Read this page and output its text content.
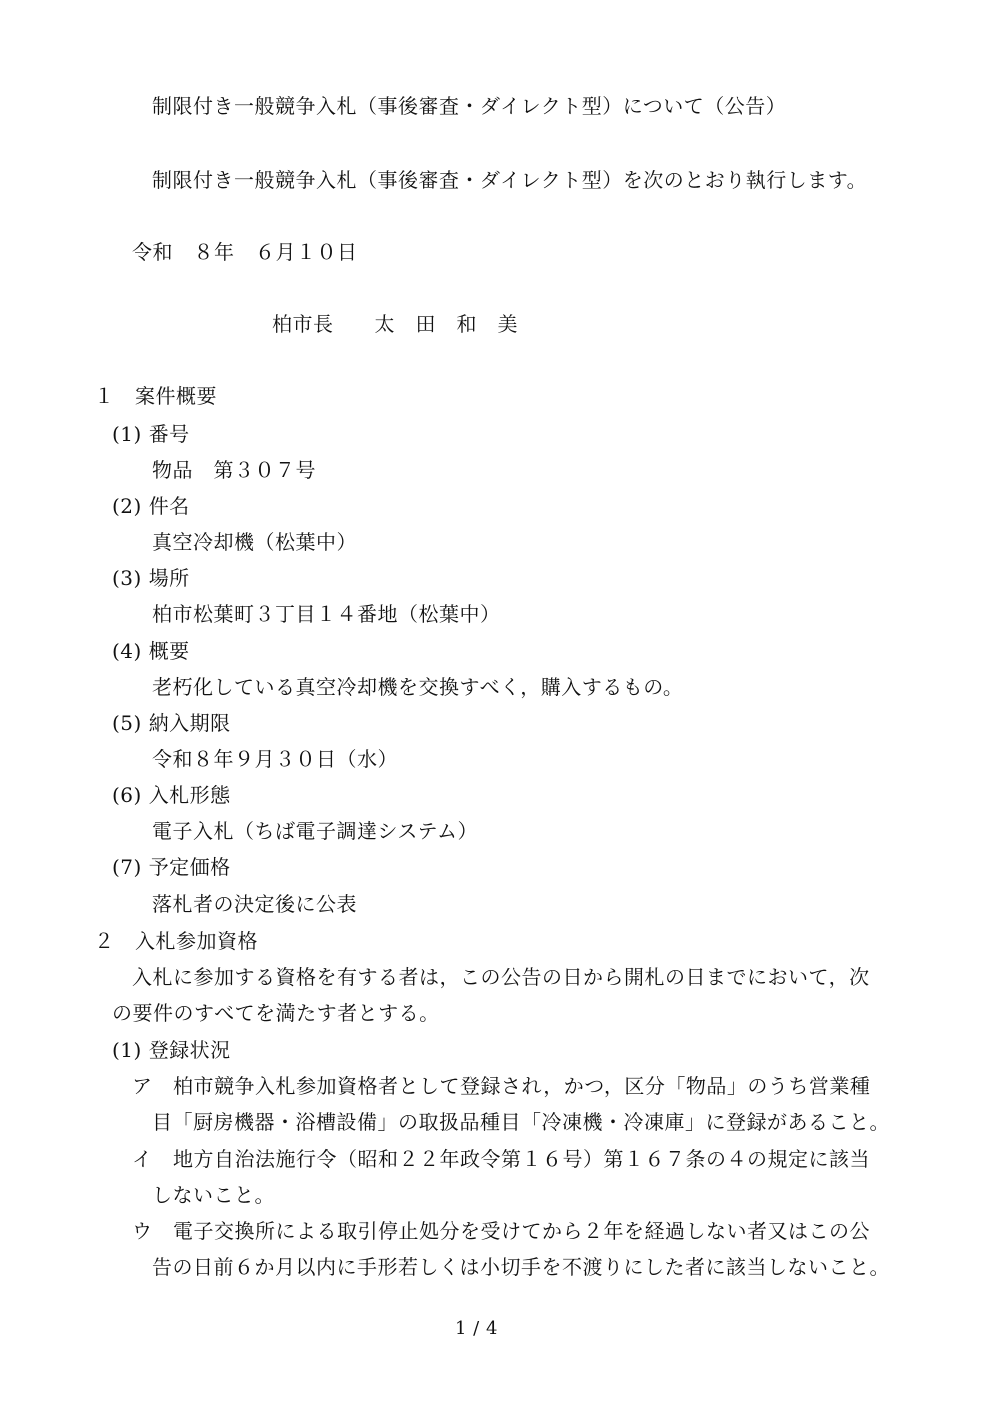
制限付き一般競争入札（事後審査・ダイレクト型）について（公告）
制限付き一般競争入札（事後審査・ダイレクト型）を次のとおり執行します。
令和　８年　６月１０日
柏市長　　太　田　和　美
１　案件概要
(1) 番号
物品　第３０７号
(2) 件名
真空冷却機（松葉中）
(3) 場所
柏市松葉町３丁目１４番地（松葉中）
(4) 概要
老朽化している真空冷却機を交換すべく，購入するもの。
(5) 納入期限
令和８年９月３０日（水）
(6) 入札形態
電子入札（ちば電子調達システム）
(7) 予定価格
落札者の決定後に公表
２　入札参加資格
入札に参加する資格を有する者は，この公告の日から開札の日までにおいて，次
の要件のすべてを満たす者とする。
(1) 登録状況
ア　柏市競争入札参加資格者として登録され，かつ，区分「物品」のうち営業種
目「厨房機器・浴槽設備」の取扱品種目「冷凍機・冷凍庫」に登録があること。
イ　地方自治法施行令（昭和２２年政令第１６号）第１６７条の４の規定に該当
しないこと。
ウ　電子交換所による取引停止処分を受けてから２年を経過しない者又はこの公
告の日前６か月以内に手形若しくは小切手を不渡りにした者に該当しないこと。
1 / 4
